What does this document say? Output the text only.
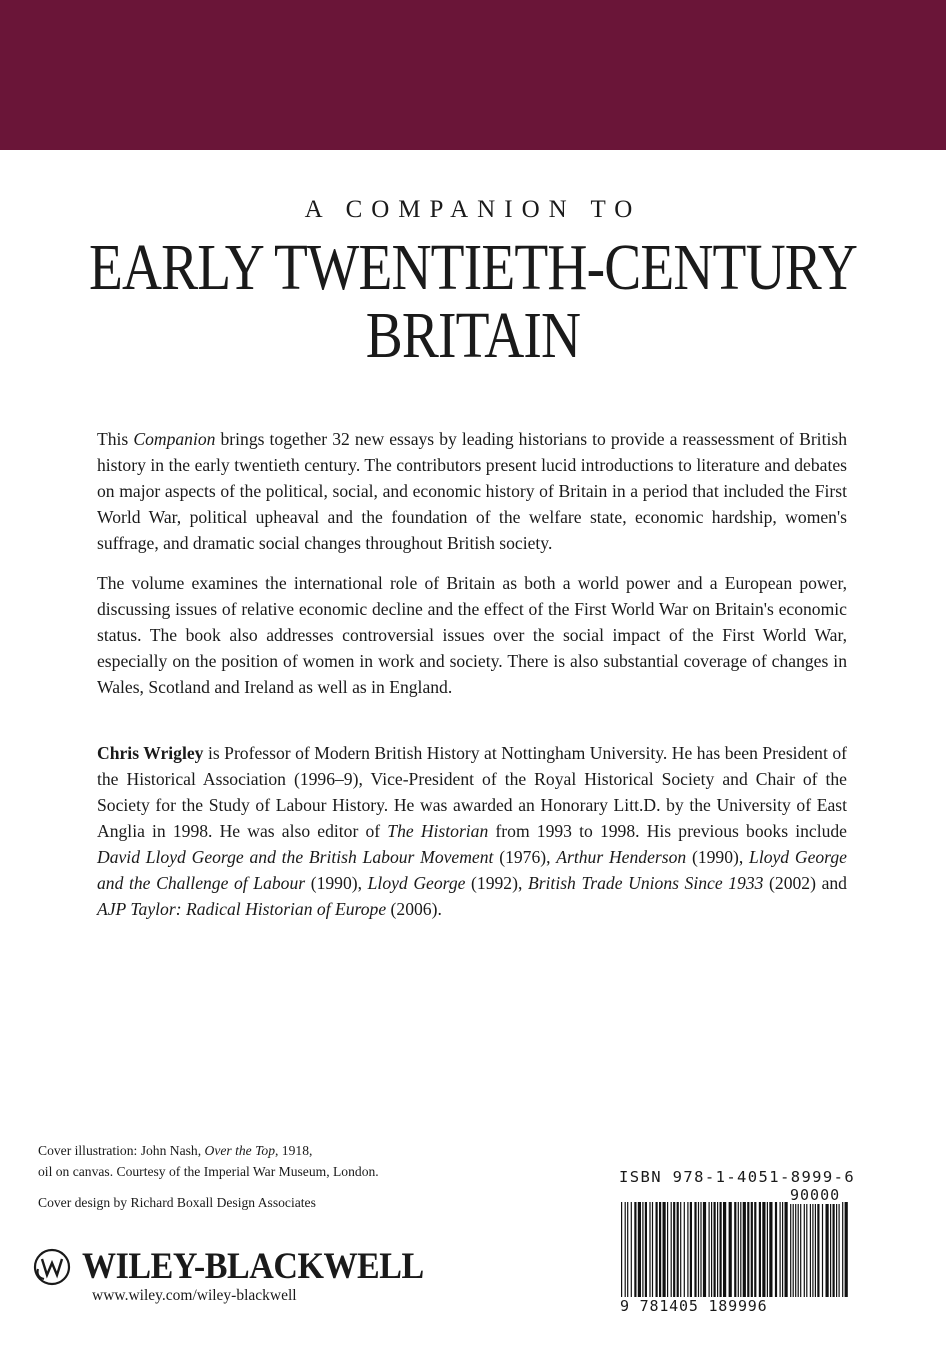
A COMPANION TO
EARLY TWENTIETH-CENTURY
BRITAIN

This Companion brings together 32 new essays by leading historians to provide a reassessment of British history in the early twentieth century. The contributors present lucid introductions to literature and debates on major aspects of the political, social, and economic history of Britain in a period that included the First World War, political upheaval and the foundation of the welfare state, economic hardship, women's suffrage, and dramatic social changes throughout British society.

The volume examines the international role of Britain as both a world power and a European power, discussing issues of relative economic decline and the effect of the First World War on Britain's economic status. The book also addresses controversial issues over the social impact of the First World War, especially on the position of women in work and society. There is also substantial coverage of changes in Wales, Scotland and Ireland as well as in England.

Chris Wrigley is Professor of Modern British History at Nottingham University. He has been President of the Historical Association (1996–9), Vice-President of the Royal Historical Society and Chair of the Society for the Study of Labour History. He was awarded an Honorary Litt.D. by the University of East Anglia in 1998. He was also editor of The Historian from 1993 to 1998. His previous books include David Lloyd George and the British Labour Movement (1976), Arthur Henderson (1990), Lloyd George and the Challenge of Labour (1990), Lloyd George (1992), British Trade Unions Since 1933 (2002) and AJP Taylor: Radical Historian of Europe (2006).

Cover illustration: John Nash, Over the Top, 1918,
oil on canvas. Courtesy of the Imperial War Museum, London.
Cover design by Richard Boxall Design Associates
WILEY-BLACKWELL
www.wiley.com/wiley-blackwell
ISBN 978-1-4051-8999-6
90000
9 781405 189996
